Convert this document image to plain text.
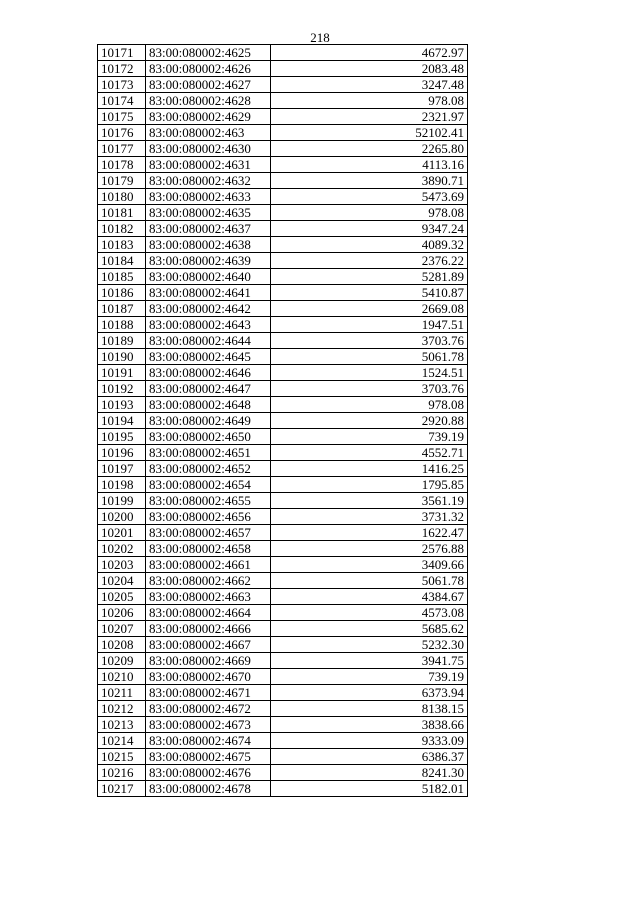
218
10171	83:00:080002:4625	4672.97
10172	83:00:080002:4626	2083.48
10173	83:00:080002:4627	3247.48
10174	83:00:080002:4628	978.08
10175	83:00:080002:4629	2321.97
10176	83:00:080002:463	52102.41
10177	83:00:080002:4630	2265.80
10178	83:00:080002:4631	4113.16
10179	83:00:080002:4632	3890.71
10180	83:00:080002:4633	5473.69
10181	83:00:080002:4635	978.08
10182	83:00:080002:4637	9347.24
10183	83:00:080002:4638	4089.32
10184	83:00:080002:4639	2376.22
10185	83:00:080002:4640	5281.89
10186	83:00:080002:4641	5410.87
10187	83:00:080002:4642	2669.08
10188	83:00:080002:4643	1947.51
10189	83:00:080002:4644	3703.76
10190	83:00:080002:4645	5061.78
10191	83:00:080002:4646	1524.51
10192	83:00:080002:4647	3703.76
10193	83:00:080002:4648	978.08
10194	83:00:080002:4649	2920.88
10195	83:00:080002:4650	739.19
10196	83:00:080002:4651	4552.71
10197	83:00:080002:4652	1416.25
10198	83:00:080002:4654	1795.85
10199	83:00:080002:4655	3561.19
10200	83:00:080002:4656	3731.32
10201	83:00:080002:4657	1622.47
10202	83:00:080002:4658	2576.88
10203	83:00:080002:4661	3409.66
10204	83:00:080002:4662	5061.78
10205	83:00:080002:4663	4384.67
10206	83:00:080002:4664	4573.08
10207	83:00:080002:4666	5685.62
10208	83:00:080002:4667	5232.30
10209	83:00:080002:4669	3941.75
10210	83:00:080002:4670	739.19
10211	83:00:080002:4671	6373.94
10212	83:00:080002:4672	8138.15
10213	83:00:080002:4673	3838.66
10214	83:00:080002:4674	9333.09
10215	83:00:080002:4675	6386.37
10216	83:00:080002:4676	8241.30
10217	83:00:080002:4678	5182.01
